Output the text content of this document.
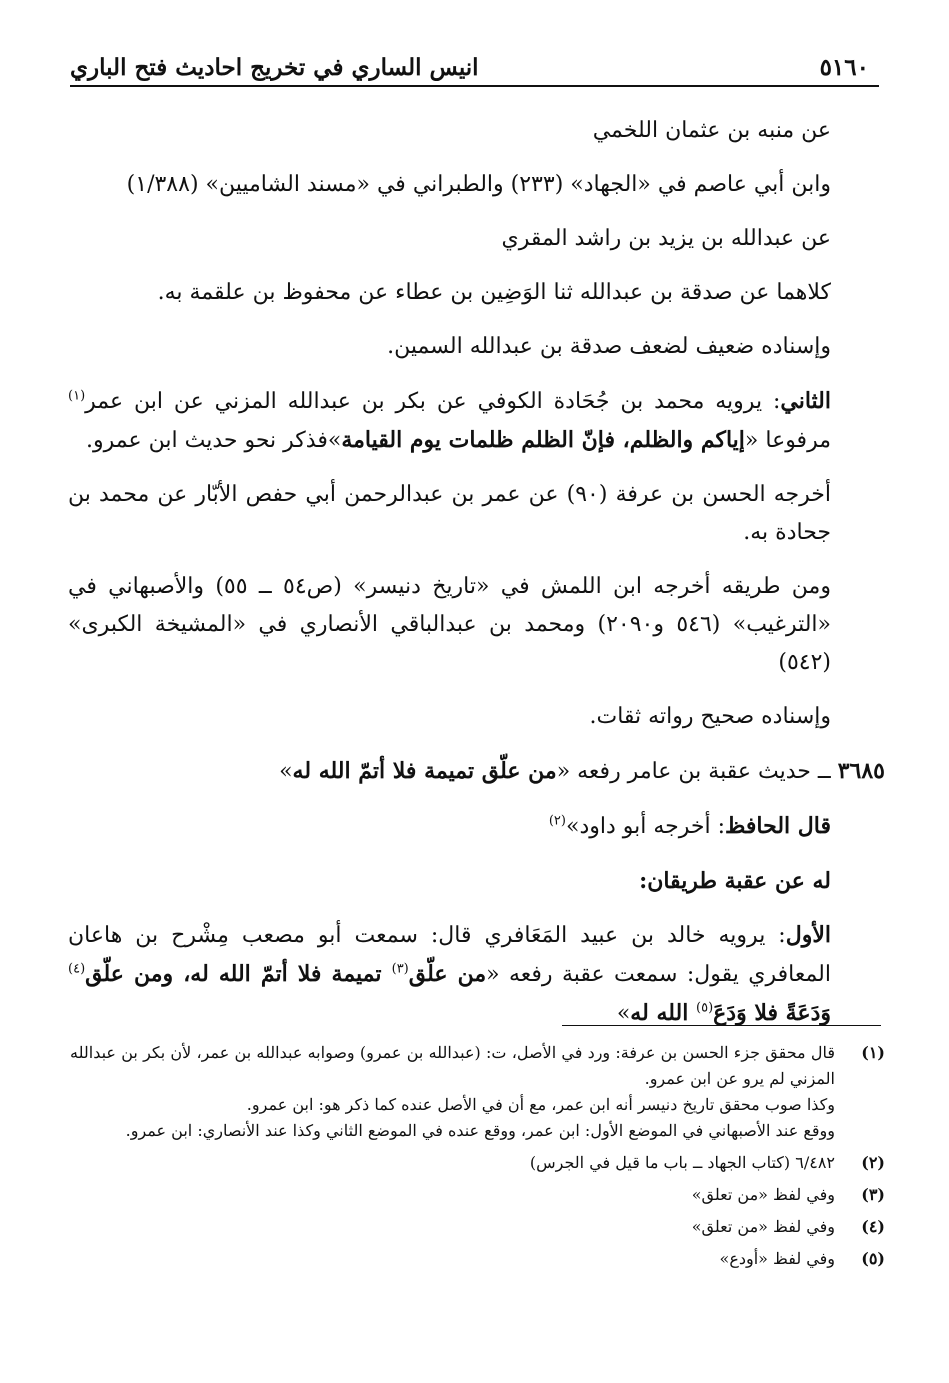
٥١٦٠
انيس الساري في تخريج احاديث فتح الباري

عن منبه بن عثمان اللخمي

وابن أبي عاصم في «الجهاد» (٢٣٣) والطبراني في «مسند الشاميين» (١/٣٨٨)

عن عبدالله بن يزيد بن راشد المقري

كلاهما عن صدقة بن عبدالله ثنا الوَضِين بن عطاء عن محفوظ بن علقمة به.

وإسناده ضعيف لضعف صدقة بن عبدالله السمين.

الثاني: يرويه محمد بن جُحَادة الكوفي عن بكر بن عبدالله المزني عن ابن عمر$^{(١)}$ مرفوعا «إياكم والظلم، فإنّ الظلم ظلمات يوم القيامة»فذكر نحو حديث ابن عمرو.

أخرجه الحسن بن عرفة (٩٠) عن عمر بن عبدالرحمن أبي حفص الأبّار عن محمد بن جحادة به.

ومن طريقه أخرجه ابن اللمش في «تاريخ دنيسر» (ص٥٤ ــ ٥٥) والأصبهاني في «الترغيب» (٥٤٦ و٢٠٩٠) ومحمد بن عبدالباقي الأنصاري في «المشيخة الكبرى» (٥٤٢)

وإسناده صحيح رواته ثقات.

٣٦٨٥ ــ حديث عقبة بن عامر رفعه «من علّق تميمة فلا أتمّ الله له»

قال الحافظ: أخرجه أبو داود»$^{(٢)}$

له عن عقبة طريقان:

الأول: يرويه خالد بن عبيد المَعَافري قال: سمعت أبو مصعب مِشْرح بن هاعان المعافري يقول: سمعت عقبة رفعه «من علّق$^{(٣)}$ تميمة فلا أتمّ الله له، ومن علّق$^{(٤)}$ وَدَعَةً فلا وَدَعَ$^{(٥)}$ الله له»

(١)
قال محقق جزء الحسن بن عرفة: ورد في الأصل، ت: (عبدالله بن عمرو) وصوابه عبدالله بن عمر، لأن بكر بن عبدالله المزني لم يرو عن ابن عمرو.
وكذا صوب محقق تاريخ دنيسر أنه ابن عمر، مع أن في الأصل عنده كما ذكر هو: ابن عمرو.
ووقع عند الأصبهاني في الموضع الأول: ابن عمر، ووقع عنده في الموضع الثاني وكذا عند الأنصاري: ابن عمرو.
(٢)
٦/٤٨٢ (كتاب الجهاد ــ باب ما قيل في الجرس)
(٣)
وفي لفظ «من تعلق»
(٤)
وفي لفظ «من تعلق»
(٥)
وفي لفظ «أودع»
